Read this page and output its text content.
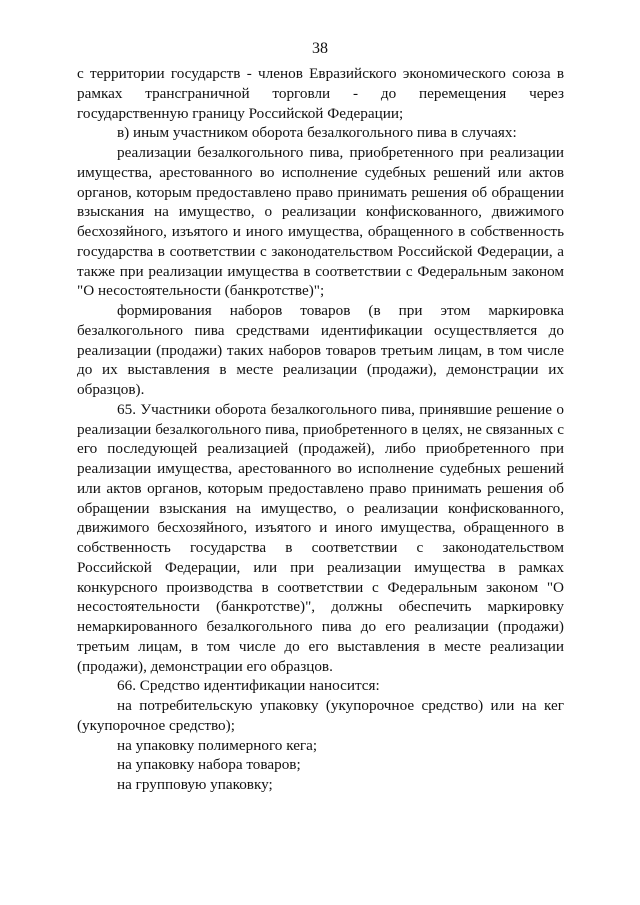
38

с территории государств - членов Евразийского экономического союза в рамках трансграничной торговли - до перемещения через государственную границу Российской Федерации;

в) иным участником оборота безалкогольного пива в случаях:

реализации безалкогольного пива, приобретенного при реализации имущества, арестованного во исполнение судебных решений или актов органов, которым предоставлено право принимать решения об обращении взыскания на имущество, о реализации конфискованного, движимого бесхозяйного, изъятого и иного имущества, обращенного в собственность государства в соответствии с законодательством Российской Федерации, а также при реализации имущества в соответствии с Федеральным законом "О несостоятельности (банкротстве)";

формирования наборов товаров (в при этом маркировка безалкогольного пива средствами идентификации осуществляется до реализации (продажи) таких наборов товаров третьим лицам, в том числе до их выставления в месте реализации (продажи), демонстрации их образцов).

65. Участники оборота безалкогольного пива, принявшие решение о реализации безалкогольного пива, приобретенного в целях, не связанных с его последующей реализацией (продажей), либо приобретенного при реализации имущества, арестованного во исполнение судебных решений или актов органов, которым предоставлено право принимать решения об обращении взыскания на имущество, о реализации конфискованного, движимого бесхозяйного, изъятого и иного имущества, обращенного в собственность государства в соответствии с законодательством Российской Федерации, или при реализации имущества в рамках конкурсного производства в соответствии с Федеральным законом "О несостоятельности (банкротстве)", должны обеспечить маркировку немаркированного безалкогольного пива до его реализации (продажи) третьим лицам, в том числе до его выставления в месте реализации (продажи), демонстрации его образцов.

66. Средство идентификации наносится:

на потребительскую упаковку (укупорочное средство) или на кег (укупорочное средство);

на упаковку полимерного кега;

на упаковку набора товаров;

на групповую упаковку;
